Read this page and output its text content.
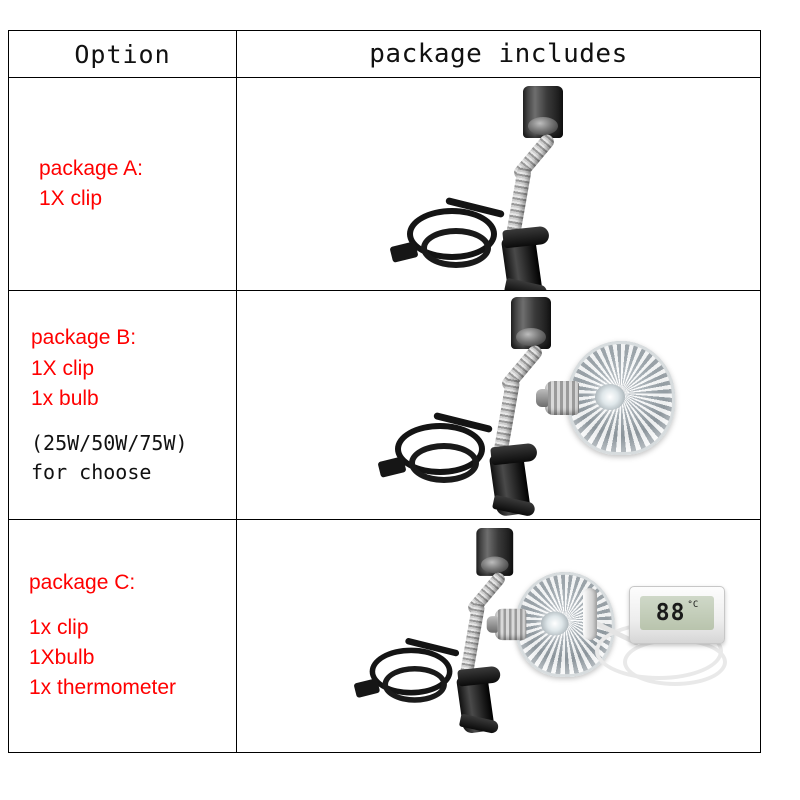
Option	package includes

package A:
1X clip	

package B:
1X clip
1x bulb
(25W/50W/75W)
for choose	

package C:
1x clip
1Xbulb
1x thermometer	88 °C
